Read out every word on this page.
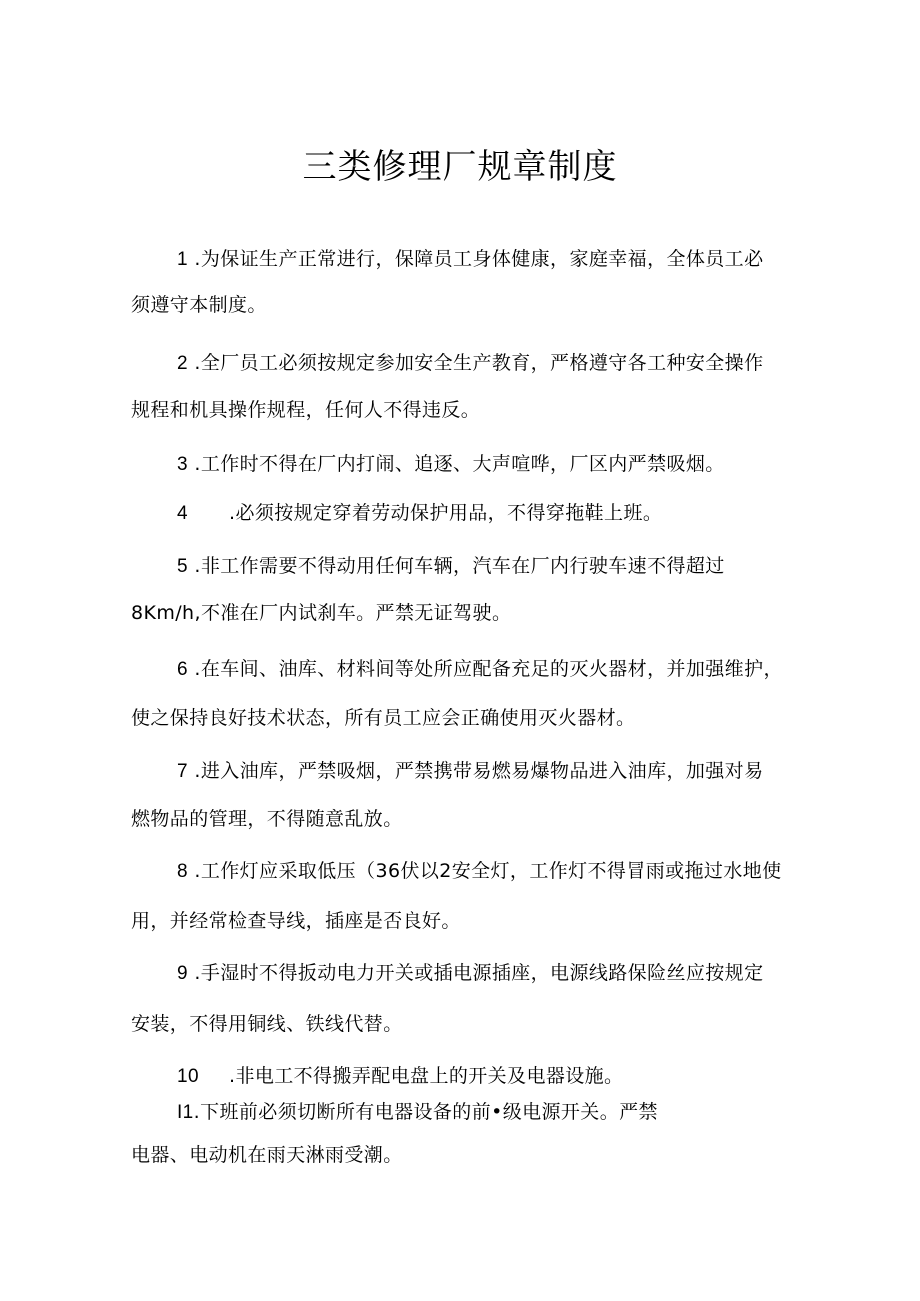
三类修理厂规章制度

1 .为保证生产正常进行，保障员工身体健康，家庭幸福，全体员工必

须遵守本制度。

2 .全厂员工必须按规定参加安全生产教育，严格遵守各工种安全操作

规程和机具操作规程，任何人不得违反。

3 .工作时不得在厂内打闹、追逐、大声喧哗，厂区内严禁吸烟。

4 .必须按规定穿着劳动保护用品，不得穿拖鞋上班。

5 .非工作需要不得动用任何车辆，汽车在厂内行驶车速不得超过

8Km/h,不准在厂内试刹车。严禁无证驾驶。

6 .在车间、油库、材料间等处所应配备充足的灭火器材，并加强维护，

使之保持良好技术状态，所有员工应会正确使用灭火器材。

7 .进入油库，严禁吸烟，严禁携带易燃易爆物品进入油库，加强对易

燃物品的管理，不得随意乱放。

8 .工作灯应采取低压（36伏以2安全灯，工作灯不得冒雨或拖过水地使

用，并经常检查导线，插座是否良好。

9 .手湿时不得扳动电力开关或插电源插座，电源线路保险丝应按规定

安装，不得用铜线、铁线代替。

10 .非电工不得搬弄配电盘上的开关及电器设施。

I1.下班前必须切断所有电器设备的前•级电源开关。严禁

电器、电动机在雨天淋雨受潮。
